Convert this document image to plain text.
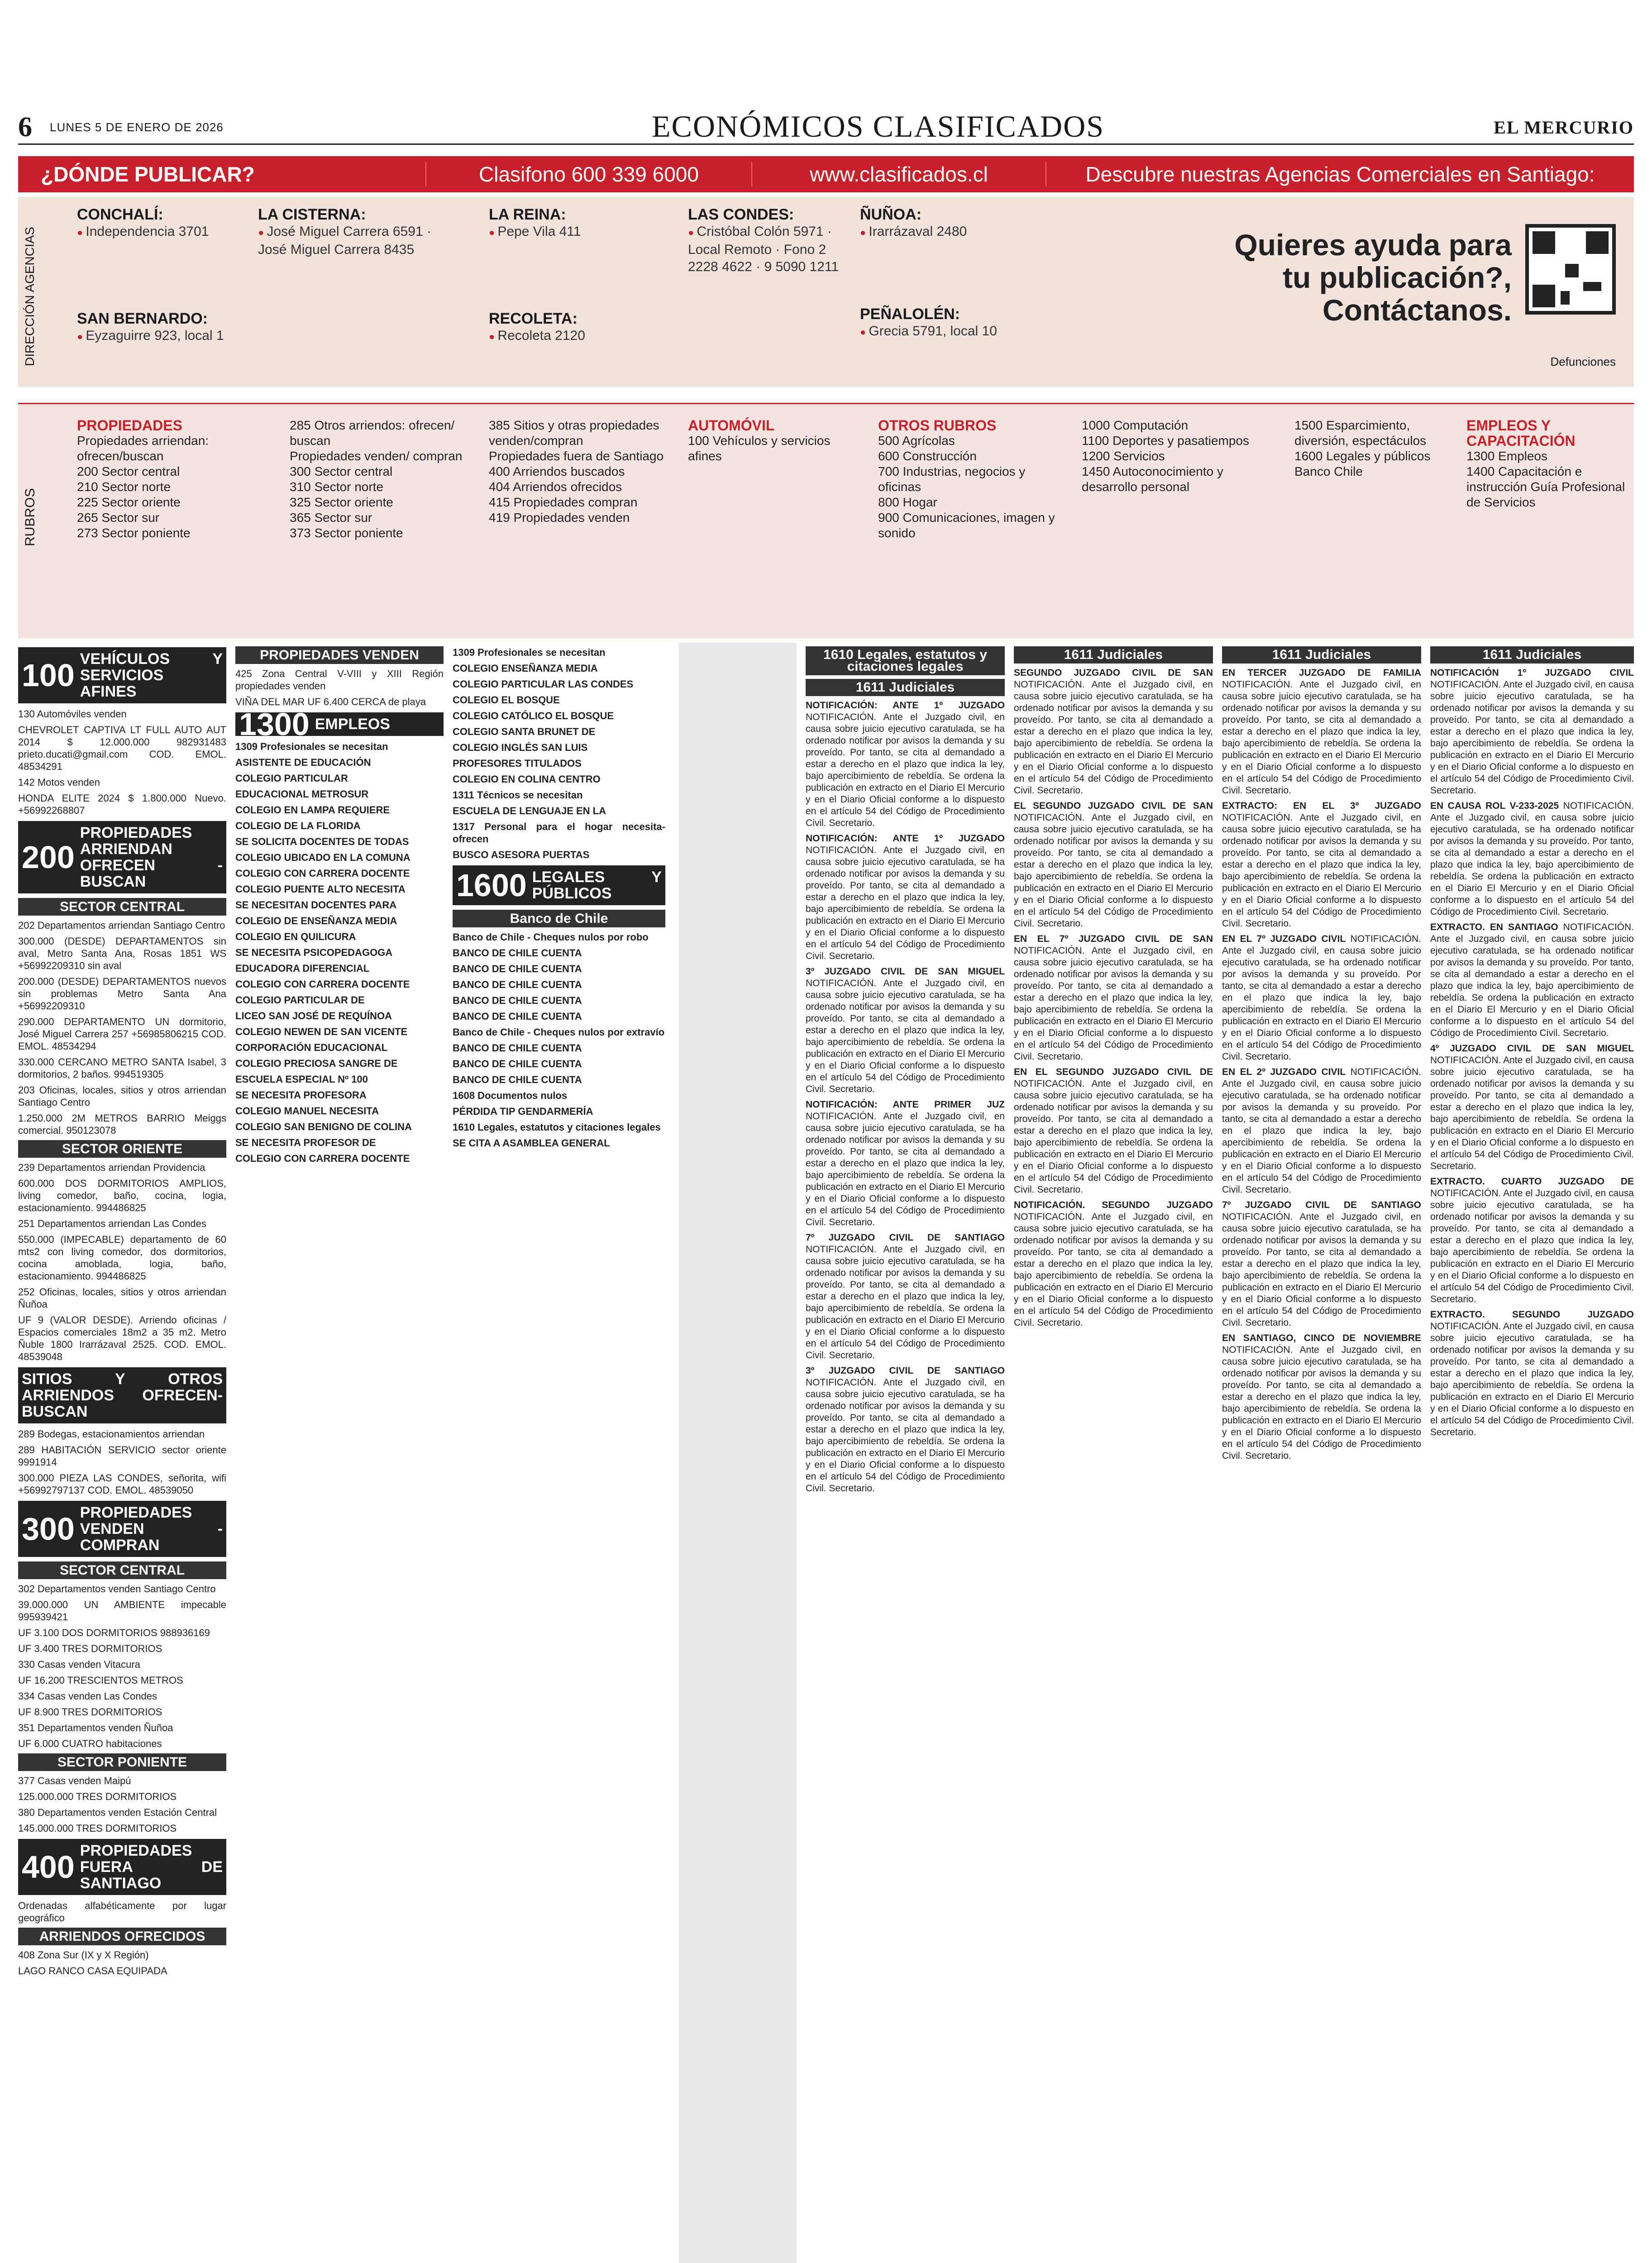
6 LUNES 5 DE ENERO DE 2026	ECONÓMICOS CLASIFICADOS	EL MERCURIO
¿DÓNDE PUBLICAR?	Clasifono 600 339 6000	www.clasificados.cl	Descubre nuestras Agencias Comerciales en Santiago:
DIRECCIÓN AGENCIAS
CONCHALÍ:
● Independencia 3701
LA CISTERNA:
● José Miguel Carrera 6591 · José Miguel Carrera 8435
LA REINA:
● Pepe Vila 411
LAS CONDES:
● Cristóbal Colón 5971 · Local Remoto · Fono 2 2228 4622 · 9 5090 1211
ÑUÑOA:
● Irarrázaval 2480
SAN BERNARDO:
● Eyzaguirre 923, local 1
RECOLETA:
● Recoleta 2120
PEÑALOLÉN:
● Grecia 5791, local 10
Quieres ayuda para tu publicación?, Contáctanos.
Defunciones
RUBROS
PROPIEDADES
Propiedades arriendan: ofrecen/buscan
200 Sector central
210 Sector norte
225 Sector oriente
265 Sector sur
273 Sector poniente
285 Otros arriendos: ofrecen/ buscan
Propiedades venden/ compran
300 Sector central
310 Sector norte
325 Sector oriente
365 Sector sur
373 Sector poniente
385 Sitios y otras propiedades venden/compran
Propiedades fuera de Santiago
400 Arriendos buscados
404 Arriendos ofrecidos
415 Propiedades compran
419 Propiedades venden
AUTOMÓVIL
100 Vehículos y servicios afines
OTROS RUBROS
500 Agrícolas
600 Construcción
700 Industrias, negocios y oficinas
800 Hogar
900 Comunicaciones, imagen y sonido
1000 Computación
1100 Deportes y pasatiempos
1200 Servicios
1450 Autoconocimiento y desarrollo personal
1500 Esparcimiento, diversión, espectáculos
1600 Legales y públicos Banco Chile
EMPLEOS Y CAPACITACIÓN
1300 Empleos
1400 Capacitación e instrucción Guía Profesional de Servicios
100 VEHÍCULOS Y SERVICIOS AFINES
130 Automóviles venden
CHEVROLET CAPTIVA LT FULL AUTO AUT 2014 $ 12.000.000 982931483 prieto.ducati@gmail.com COD. EMOL. 48534291
142 Motos venden
HONDA ELITE 2024 $ 1.800.000 Nuevo. +56992268807
200
PROPIEDADES ARRIENDAN OFRECEN - BUSCAN
SECTOR CENTRAL
202 Departamentos arriendan Santiago Centro
300.000 (DESDE) DEPARTAMENTOS sin aval, Metro Santa Ana, Rosas 1851 WS +56992209310 sin aval
200.000 (DESDE) DEPARTAMENTOS nuevos sin problemas Metro Santa Ana +56992209310
290.000 DEPARTAMENTO UN dormitorio, José Miguel Carrera 257 +56985806215 COD. EMOL. 48534294
330.000 CERCANO METRO SANTA Isabel, 3 dormitorios, 2 baños. 994519305
203 Oficinas, locales, sitios y otros arriendan Santiago Centro
1.250.000 2M METROS BARRIO Meiggs comercial. 950123078
SECTOR ORIENTE
239 Departamentos arriendan Providencia
600.000 DOS DORMITORIOS AMPLIOS, living comedor, baño, cocina, logia, estacionamiento. 994486825
251 Departamentos arriendan Las Condes
550.000 (IMPECABLE) departamento de 60 mts2 con living comedor, dos dormitorios, cocina amoblada, logia, baño, estacionamiento. 994486825
252 Oficinas, locales, sitios y otros arriendan Ñuñoa
UF 9 (VALOR DESDE). Arriendo oficinas / Espacios comerciales 18m2 a 35 m2. Metro Ñuble 1800 Irarrázaval 2525. COD. EMOL. 48539048
SITIOS Y OTROS ARRIENDOS OFRECEN-BUSCAN
289 Bodegas, estacionamientos arriendan
289 HABITACIÓN SERVICIO sector oriente 9991914
300.000 PIEZA LAS CONDES, señorita, wifi +56992797137 COD. EMOL. 48539050
300 PROPIEDADES VENDEN - COMPRAN
SECTOR CENTRAL
302 Departamentos venden Santiago Centro
39.000.000 UN AMBIENTE impecable 995939421
UF 3.100 DOS DORMITORIOS 988936169
UF 3.400 TRES DORMITORIOS
330 Casas venden Vitacura
UF 16.200 TRESCIENTOS METROS
334 Casas venden Las Condes
UF 8.900 TRES DORMITORIOS
351 Departamentos venden Ñuñoa
UF 6.000 CUATRO habitaciones
SECTOR PONIENTE
377 Casas venden Maipú
125.000.000 TRES DORMITORIOS
380 Departamentos venden Estación Central
145.000.000 TRES DORMITORIOS
400 PROPIEDADES FUERA DE SANTIAGO
Ordenadas alfabéticamente por lugar geográfico
ARRIENDOS OFRECIDOS
408 Zona Sur (IX y X Región)
LAGO RANCO CASA EQUIPADA
PROPIEDADES VENDEN
425 Zona Central V-VIII y XIII Región propiedades venden
VIÑA DEL MAR UF 6.400 CERCA de playa
1300 EMPLEOS
1309 Profesionales se necesitan
ASISTENTE DE EDUCACIÓN
COLEGIO PARTICULAR
EDUCACIONAL METROSUR
COLEGIO EN LAMPA REQUIERE
COLEGIO DE LA FLORIDA
SE SOLICITA DOCENTES DE TODAS
COLEGIO UBICADO EN LA COMUNA
COLEGIO CON CARRERA DOCENTE
COLEGIO PUENTE ALTO NECESITA
SE NECESITAN DOCENTES PARA
COLEGIO DE ENSEÑANZA MEDIA
COLEGIO EN QUILICURA
SE NECESITA PSICOPEDAGOGA
EDUCADORA DIFERENCIAL
COLEGIO CON CARRERA DOCENTE
COLEGIO PARTICULAR DE
LICEO SAN JOSÉ DE REQUÍNOA
COLEGIO NEWEN DE SAN VICENTE
CORPORACIÓN EDUCACIONAL
COLEGIO PRECIOSA SANGRE DE
ESCUELA ESPECIAL Nº 100
SE NECESITA PROFESORA
COLEGIO MANUEL NECESITA
COLEGIO SAN BENIGNO DE COLINA
SE NECESITA PROFESOR DE
COLEGIO CON CARRERA DOCENTE
1309 Profesionales se necesitan
COLEGIO ENSEÑANZA MEDIA
COLEGIO PARTICULAR LAS CONDES
COLEGIO EL BOSQUE
COLEGIO CATÓLICO EL BOSQUE
COLEGIO SANTA BRUNET DE
COLEGIO INGLÉS SAN LUIS
PROFESORES TITULADOS
COLEGIO EN COLINA CENTRO
1311 Técnicos se necesitan
ESCUELA DE LENGUAJE EN LA
1317 Personal para el hogar necesita-ofrecen
BUSCO ASESORA PUERTAS
1600 LEGALES Y PÚBLICOS
Banco de Chile
Banco de Chile - Cheques nulos por robo
BANCO DE CHILE CUENTA
BANCO DE CHILE CUENTA
BANCO DE CHILE CUENTA
BANCO DE CHILE CUENTA
BANCO DE CHILE CUENTA
Banco de Chile - Cheques nulos por extravío
BANCO DE CHILE CUENTA
BANCO DE CHILE CUENTA
BANCO DE CHILE CUENTA
1608 Documentos nulos
PÉRDIDA TIP GENDARMERÍA
1610 Legales, estatutos y citaciones legales
SE CITA A ASAMBLEA GENERAL
1610 Legales, estatutos y citaciones legales
1611 Judiciales
NOTIFICACIÓN: ANTE 1º JUZGADO NOTIFICACIÓN. Ante el Juzgado civil, en causa sobre juicio ejecutivo caratulada, se ha ordenado notificar por avisos la demanda y su proveído. Por tanto, se cita al demandado a estar a derecho en el plazo que indica la ley, bajo apercibimiento de rebeldía. Se ordena la publicación en extracto en el Diario El Mercurio y en el Diario Oficial conforme a lo dispuesto en el artículo 54 del Código de Procedimiento Civil. Secretario.
NOTIFICACIÓN: ANTE 1º JUZGADO NOTIFICACIÓN. Ante el Juzgado civil, en causa sobre juicio ejecutivo caratulada, se ha ordenado notificar por avisos la demanda y su proveído. Por tanto, se cita al demandado a estar a derecho en el plazo que indica la ley, bajo apercibimiento de rebeldía. Se ordena la publicación en extracto en el Diario El Mercurio y en el Diario Oficial conforme a lo dispuesto en el artículo 54 del Código de Procedimiento Civil. Secretario.
3º JUZGADO CIVIL DE SAN MIGUEL NOTIFICACIÓN. Ante el Juzgado civil, en causa sobre juicio ejecutivo caratulada, se ha ordenado notificar por avisos la demanda y su proveído. Por tanto, se cita al demandado a estar a derecho en el plazo que indica la ley, bajo apercibimiento de rebeldía. Se ordena la publicación en extracto en el Diario El Mercurio y en el Diario Oficial conforme a lo dispuesto en el artículo 54 del Código de Procedimiento Civil. Secretario.
NOTIFICACIÓN: ANTE PRIMER JUZ NOTIFICACIÓN. Ante el Juzgado civil, en causa sobre juicio ejecutivo caratulada, se ha ordenado notificar por avisos la demanda y su proveído. Por tanto, se cita al demandado a estar a derecho en el plazo que indica la ley, bajo apercibimiento de rebeldía. Se ordena la publicación en extracto en el Diario El Mercurio y en el Diario Oficial conforme a lo dispuesto en el artículo 54 del Código de Procedimiento Civil. Secretario.
7º JUZGADO CIVIL DE SANTIAGO NOTIFICACIÓN. Ante el Juzgado civil, en causa sobre juicio ejecutivo caratulada, se ha ordenado notificar por avisos la demanda y su proveído. Por tanto, se cita al demandado a estar a derecho en el plazo que indica la ley, bajo apercibimiento de rebeldía. Se ordena la publicación en extracto en el Diario El Mercurio y en el Diario Oficial conforme a lo dispuesto en el artículo 54 del Código de Procedimiento Civil. Secretario.
3º JUZGADO CIVIL DE SANTIAGO NOTIFICACIÓN. Ante el Juzgado civil, en causa sobre juicio ejecutivo caratulada, se ha ordenado notificar por avisos la demanda y su proveído. Por tanto, se cita al demandado a estar a derecho en el plazo que indica la ley, bajo apercibimiento de rebeldía. Se ordena la publicación en extracto en el Diario El Mercurio y en el Diario Oficial conforme a lo dispuesto en el artículo 54 del Código de Procedimiento Civil. Secretario.
1611 Judiciales
SEGUNDO JUZGADO CIVIL DE SAN NOTIFICACIÓN. Ante el Juzgado civil, en causa sobre juicio ejecutivo caratulada, se ha ordenado notificar por avisos la demanda y su proveído. Por tanto, se cita al demandado a estar a derecho en el plazo que indica la ley, bajo apercibimiento de rebeldía. Se ordena la publicación en extracto en el Diario El Mercurio y en el Diario Oficial conforme a lo dispuesto en el artículo 54 del Código de Procedimiento Civil. Secretario.
EL SEGUNDO JUZGADO CIVIL DE SAN NOTIFICACIÓN. Ante el Juzgado civil, en causa sobre juicio ejecutivo caratulada, se ha ordenado notificar por avisos la demanda y su proveído. Por tanto, se cita al demandado a estar a derecho en el plazo que indica la ley, bajo apercibimiento de rebeldía. Se ordena la publicación en extracto en el Diario El Mercurio y en el Diario Oficial conforme a lo dispuesto en el artículo 54 del Código de Procedimiento Civil. Secretario.
EN EL 7º JUZGADO CIVIL DE SAN NOTIFICACIÓN. Ante el Juzgado civil, en causa sobre juicio ejecutivo caratulada, se ha ordenado notificar por avisos la demanda y su proveído. Por tanto, se cita al demandado a estar a derecho en el plazo que indica la ley, bajo apercibimiento de rebeldía. Se ordena la publicación en extracto en el Diario El Mercurio y en el Diario Oficial conforme a lo dispuesto en el artículo 54 del Código de Procedimiento Civil. Secretario.
EN EL SEGUNDO JUZGADO CIVIL DE NOTIFICACIÓN. Ante el Juzgado civil, en causa sobre juicio ejecutivo caratulada, se ha ordenado notificar por avisos la demanda y su proveído. Por tanto, se cita al demandado a estar a derecho en el plazo que indica la ley, bajo apercibimiento de rebeldía. Se ordena la publicación en extracto en el Diario El Mercurio y en el Diario Oficial conforme a lo dispuesto en el artículo 54 del Código de Procedimiento Civil. Secretario.
NOTIFICACIÓN. SEGUNDO JUZGADO NOTIFICACIÓN. Ante el Juzgado civil, en causa sobre juicio ejecutivo caratulada, se ha ordenado notificar por avisos la demanda y su proveído. Por tanto, se cita al demandado a estar a derecho en el plazo que indica la ley, bajo apercibimiento de rebeldía. Se ordena la publicación en extracto en el Diario El Mercurio y en el Diario Oficial conforme a lo dispuesto en el artículo 54 del Código de Procedimiento Civil. Secretario.
1611 Judiciales
EN TERCER JUZGADO DE FAMILIA NOTIFICACIÓN. Ante el Juzgado civil, en causa sobre juicio ejecutivo caratulada, se ha ordenado notificar por avisos la demanda y su proveído. Por tanto, se cita al demandado a estar a derecho en el plazo que indica la ley, bajo apercibimiento de rebeldía. Se ordena la publicación en extracto en el Diario El Mercurio y en el Diario Oficial conforme a lo dispuesto en el artículo 54 del Código de Procedimiento Civil. Secretario.
EXTRACTO: EN EL 3º JUZGADO NOTIFICACIÓN. Ante el Juzgado civil, en causa sobre juicio ejecutivo caratulada, se ha ordenado notificar por avisos la demanda y su proveído. Por tanto, se cita al demandado a estar a derecho en el plazo que indica la ley, bajo apercibimiento de rebeldía. Se ordena la publicación en extracto en el Diario El Mercurio y en el Diario Oficial conforme a lo dispuesto en el artículo 54 del Código de Procedimiento Civil. Secretario.
EN EL 7º JUZGADO CIVIL NOTIFICACIÓN. Ante el Juzgado civil, en causa sobre juicio ejecutivo caratulada, se ha ordenado notificar por avisos la demanda y su proveído. Por tanto, se cita al demandado a estar a derecho en el plazo que indica la ley, bajo apercibimiento de rebeldía. Se ordena la publicación en extracto en el Diario El Mercurio y en el Diario Oficial conforme a lo dispuesto en el artículo 54 del Código de Procedimiento Civil. Secretario.
EN EL 2º JUZGADO CIVIL NOTIFICACIÓN. Ante el Juzgado civil, en causa sobre juicio ejecutivo caratulada, se ha ordenado notificar por avisos la demanda y su proveído. Por tanto, se cita al demandado a estar a derecho en el plazo que indica la ley, bajo apercibimiento de rebeldía. Se ordena la publicación en extracto en el Diario El Mercurio y en el Diario Oficial conforme a lo dispuesto en el artículo 54 del Código de Procedimiento Civil. Secretario.
7º JUZGADO CIVIL DE SANTIAGO NOTIFICACIÓN. Ante el Juzgado civil, en causa sobre juicio ejecutivo caratulada, se ha ordenado notificar por avisos la demanda y su proveído. Por tanto, se cita al demandado a estar a derecho en el plazo que indica la ley, bajo apercibimiento de rebeldía. Se ordena la publicación en extracto en el Diario El Mercurio y en el Diario Oficial conforme a lo dispuesto en el artículo 54 del Código de Procedimiento Civil. Secretario.
EN SANTIAGO, CINCO DE NOVIEMBRE NOTIFICACIÓN. Ante el Juzgado civil, en causa sobre juicio ejecutivo caratulada, se ha ordenado notificar por avisos la demanda y su proveído. Por tanto, se cita al demandado a estar a derecho en el plazo que indica la ley, bajo apercibimiento de rebeldía. Se ordena la publicación en extracto en el Diario El Mercurio y en el Diario Oficial conforme a lo dispuesto en el artículo 54 del Código de Procedimiento Civil. Secretario.
1611 Judiciales
NOTIFICACIÓN 1º JUZGADO CIVIL NOTIFICACIÓN. Ante el Juzgado civil, en causa sobre juicio ejecutivo caratulada, se ha ordenado notificar por avisos la demanda y su proveído. Por tanto, se cita al demandado a estar a derecho en el plazo que indica la ley, bajo apercibimiento de rebeldía. Se ordena la publicación en extracto en el Diario El Mercurio y en el Diario Oficial conforme a lo dispuesto en el artículo 54 del Código de Procedimiento Civil. Secretario.
EN CAUSA ROL V-233-2025 NOTIFICACIÓN. Ante el Juzgado civil, en causa sobre juicio ejecutivo caratulada, se ha ordenado notificar por avisos la demanda y su proveído. Por tanto, se cita al demandado a estar a derecho en el plazo que indica la ley, bajo apercibimiento de rebeldía. Se ordena la publicación en extracto en el Diario El Mercurio y en el Diario Oficial conforme a lo dispuesto en el artículo 54 del Código de Procedimiento Civil. Secretario.
EXTRACTO. EN SANTIAGO NOTIFICACIÓN. Ante el Juzgado civil, en causa sobre juicio ejecutivo caratulada, se ha ordenado notificar por avisos la demanda y su proveído. Por tanto, se cita al demandado a estar a derecho en el plazo que indica la ley, bajo apercibimiento de rebeldía. Se ordena la publicación en extracto en el Diario El Mercurio y en el Diario Oficial conforme a lo dispuesto en el artículo 54 del Código de Procedimiento Civil. Secretario.
4º JUZGADO CIVIL DE SAN MIGUEL NOTIFICACIÓN. Ante el Juzgado civil, en causa sobre juicio ejecutivo caratulada, se ha ordenado notificar por avisos la demanda y su proveído. Por tanto, se cita al demandado a estar a derecho en el plazo que indica la ley, bajo apercibimiento de rebeldía. Se ordena la publicación en extracto en el Diario El Mercurio y en el Diario Oficial conforme a lo dispuesto en el artículo 54 del Código de Procedimiento Civil. Secretario.
EXTRACTO. CUARTO JUZGADO DE NOTIFICACIÓN. Ante el Juzgado civil, en causa sobre juicio ejecutivo caratulada, se ha ordenado notificar por avisos la demanda y su proveído. Por tanto, se cita al demandado a estar a derecho en el plazo que indica la ley, bajo apercibimiento de rebeldía. Se ordena la publicación en extracto en el Diario El Mercurio y en el Diario Oficial conforme a lo dispuesto en el artículo 54 del Código de Procedimiento Civil. Secretario.
EXTRACTO. SEGUNDO JUZGADO NOTIFICACIÓN. Ante el Juzgado civil, en causa sobre juicio ejecutivo caratulada, se ha ordenado notificar por avisos la demanda y su proveído. Por tanto, se cita al demandado a estar a derecho en el plazo que indica la ley, bajo apercibimiento de rebeldía. Se ordena la publicación en extracto en el Diario El Mercurio y en el Diario Oficial conforme a lo dispuesto en el artículo 54 del Código de Procedimiento Civil. Secretario.
